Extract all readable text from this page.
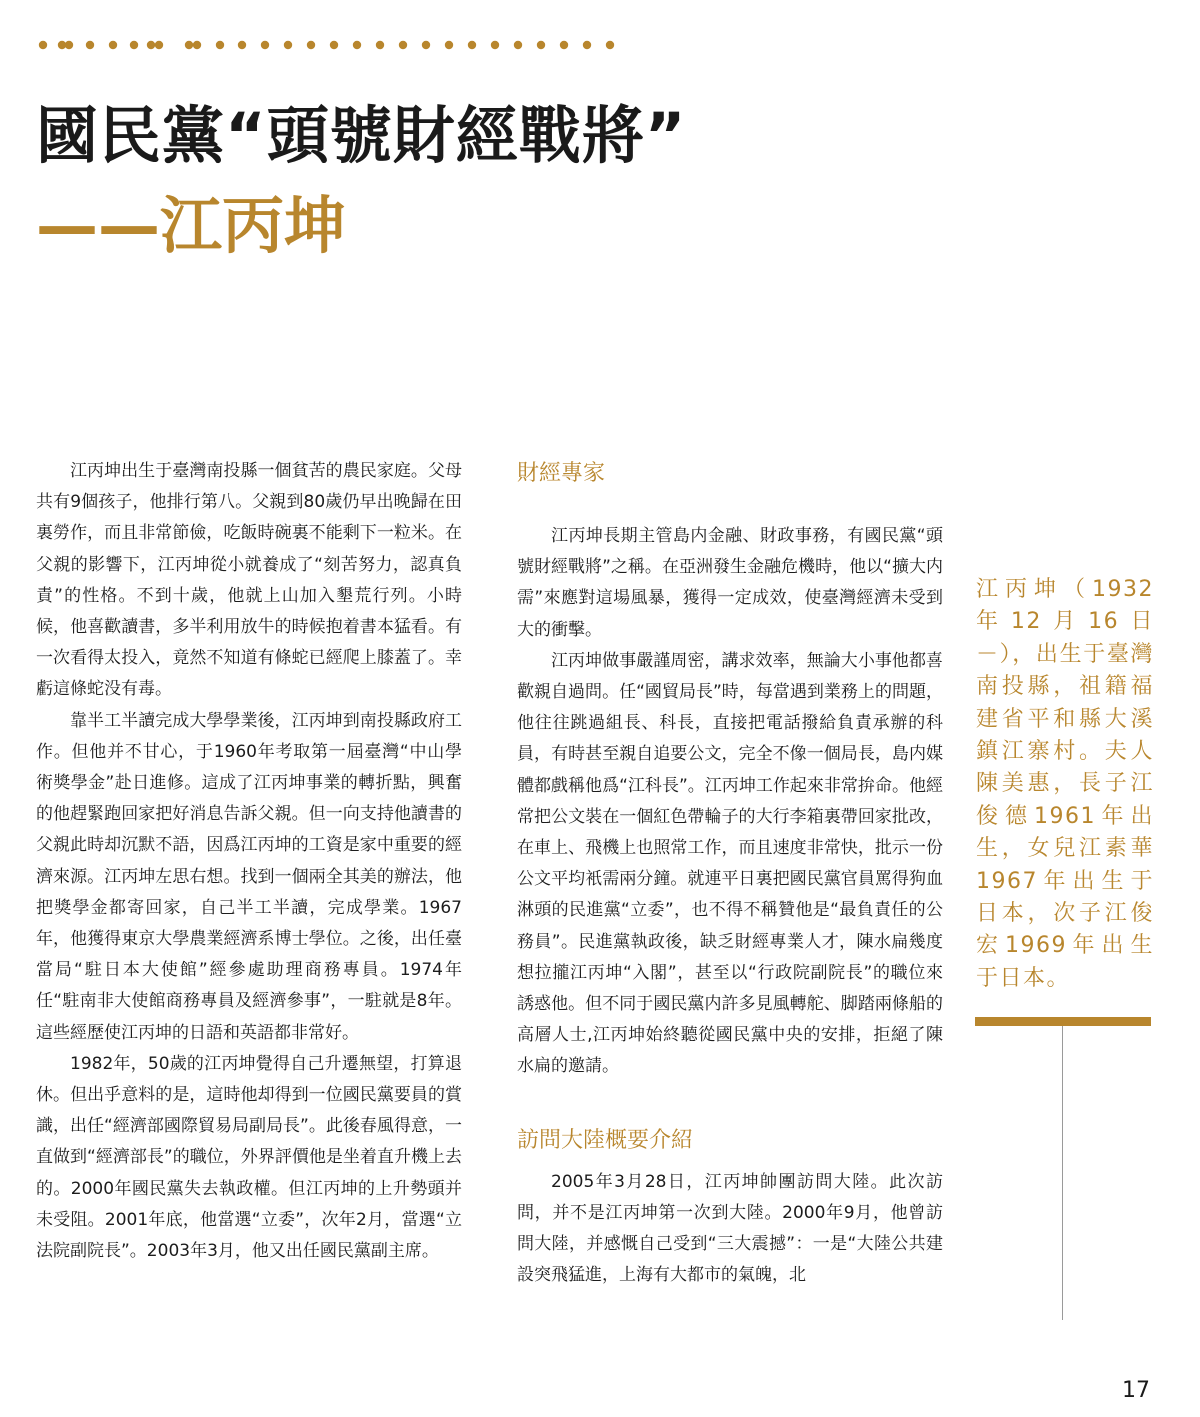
國民黨“頭號財經戰將”
——江丙坤

江丙坤出生于臺灣南投縣一個貧苦的農民家庭。父母共有9個孩子，他排行第八。父親到80歲仍早出晚歸在田裏勞作，而且非常節儉，吃飯時碗裏不能剩下一粒米。在父親的影響下，江丙坤從小就養成了“刻苦努力，認真負責”的性格。不到十歲，他就上山加入墾荒行列。小時候，他喜歡讀書，多半利用放牛的時候抱着書本猛看。有一次看得太投入，竟然不知道有條蛇已經爬上膝蓋了。幸虧這條蛇没有毒。

靠半工半讀完成大學學業後，江丙坤到南投縣政府工作。但他并不甘心，于1960年考取第一屆臺灣“中山學術獎學金”赴日進修。這成了江丙坤事業的轉折點，興奮的他趕緊跑回家把好消息告訴父親。但一向支持他讀書的父親此時却沉默不語，因爲江丙坤的工資是家中重要的經濟來源。江丙坤左思右想。找到一個兩全其美的辦法，他把獎學金都寄回家，自己半工半讀，完成學業。1967年，他獲得東京大學農業經濟系博士學位。之後，出任臺當局“駐日本大使館”經參處助理商務專員。1974年任“駐南非大使館商務專員及經濟參事”，一駐就是8年。這些經歷使江丙坤的日語和英語都非常好。

1982年，50歲的江丙坤覺得自己升遷無望，打算退休。但出乎意料的是，這時他却得到一位國民黨要員的賞識，出任“經濟部國際貿易局副局長”。此後春風得意，一直做到“經濟部長”的職位，外界評價他是坐着直升機上去的。2000年國民黨失去執政權。但江丙坤的上升勢頭并未受阻。2001年底，他當選“立委”，次年2月，當選“立法院副院長”。2003年3月，他又出任國民黨副主席。

財經專家

江丙坤長期主管島内金融、財政事務，有國民黨“頭號財經戰將”之稱。在亞洲發生金融危機時，他以“擴大内需”來應對這場風暴，獲得一定成效，使臺灣經濟未受到大的衝擊。

江丙坤做事嚴謹周密，講求效率，無論大小事他都喜歡親自過問。任“國貿局長”時，每當遇到業務上的問題，他往往跳過組長、科長，直接把電話撥給負責承辦的科員，有時甚至親自追要公文，完全不像一個局長，島内媒體都戲稱他爲“江科長”。江丙坤工作起來非常拚命。他經常把公文裝在一個紅色帶輪子的大行李箱裏帶回家批改，在車上、飛機上也照常工作，而且速度非常快，批示一份公文平均衹需兩分鐘。就連平日裏把國民黨官員罵得狗血淋頭的民進黨“立委”，也不得不稱贊他是“最負責任的公務員”。民進黨執政後，缺乏財經專業人才，陳水扁幾度想拉攏江丙坤“入閣”，甚至以“行政院副院長”的職位來誘惑他。但不同于國民黨内許多見風轉舵、脚踏兩條船的高層人士,江丙坤始終聽從國民黨中央的安排，拒絕了陳水扁的邀請。

訪問大陸概要介紹

2005年3月28日，江丙坤帥團訪問大陸。此次訪問，并不是江丙坤第一次到大陸。2000年9月，他曾訪問大陸，并感慨自己受到“三大震撼”：一是“大陸公共建設突飛猛進，上海有大都市的氣魄，北

江丙坤（1932年12月16日－），出生于臺灣南投縣，祖籍福建省平和縣大溪鎮江寨村。夫人陳美惠，長子江俊德1961年出生，女兒江素華1967年出生于日本，次子江俊宏1969年出生于日本。
17
